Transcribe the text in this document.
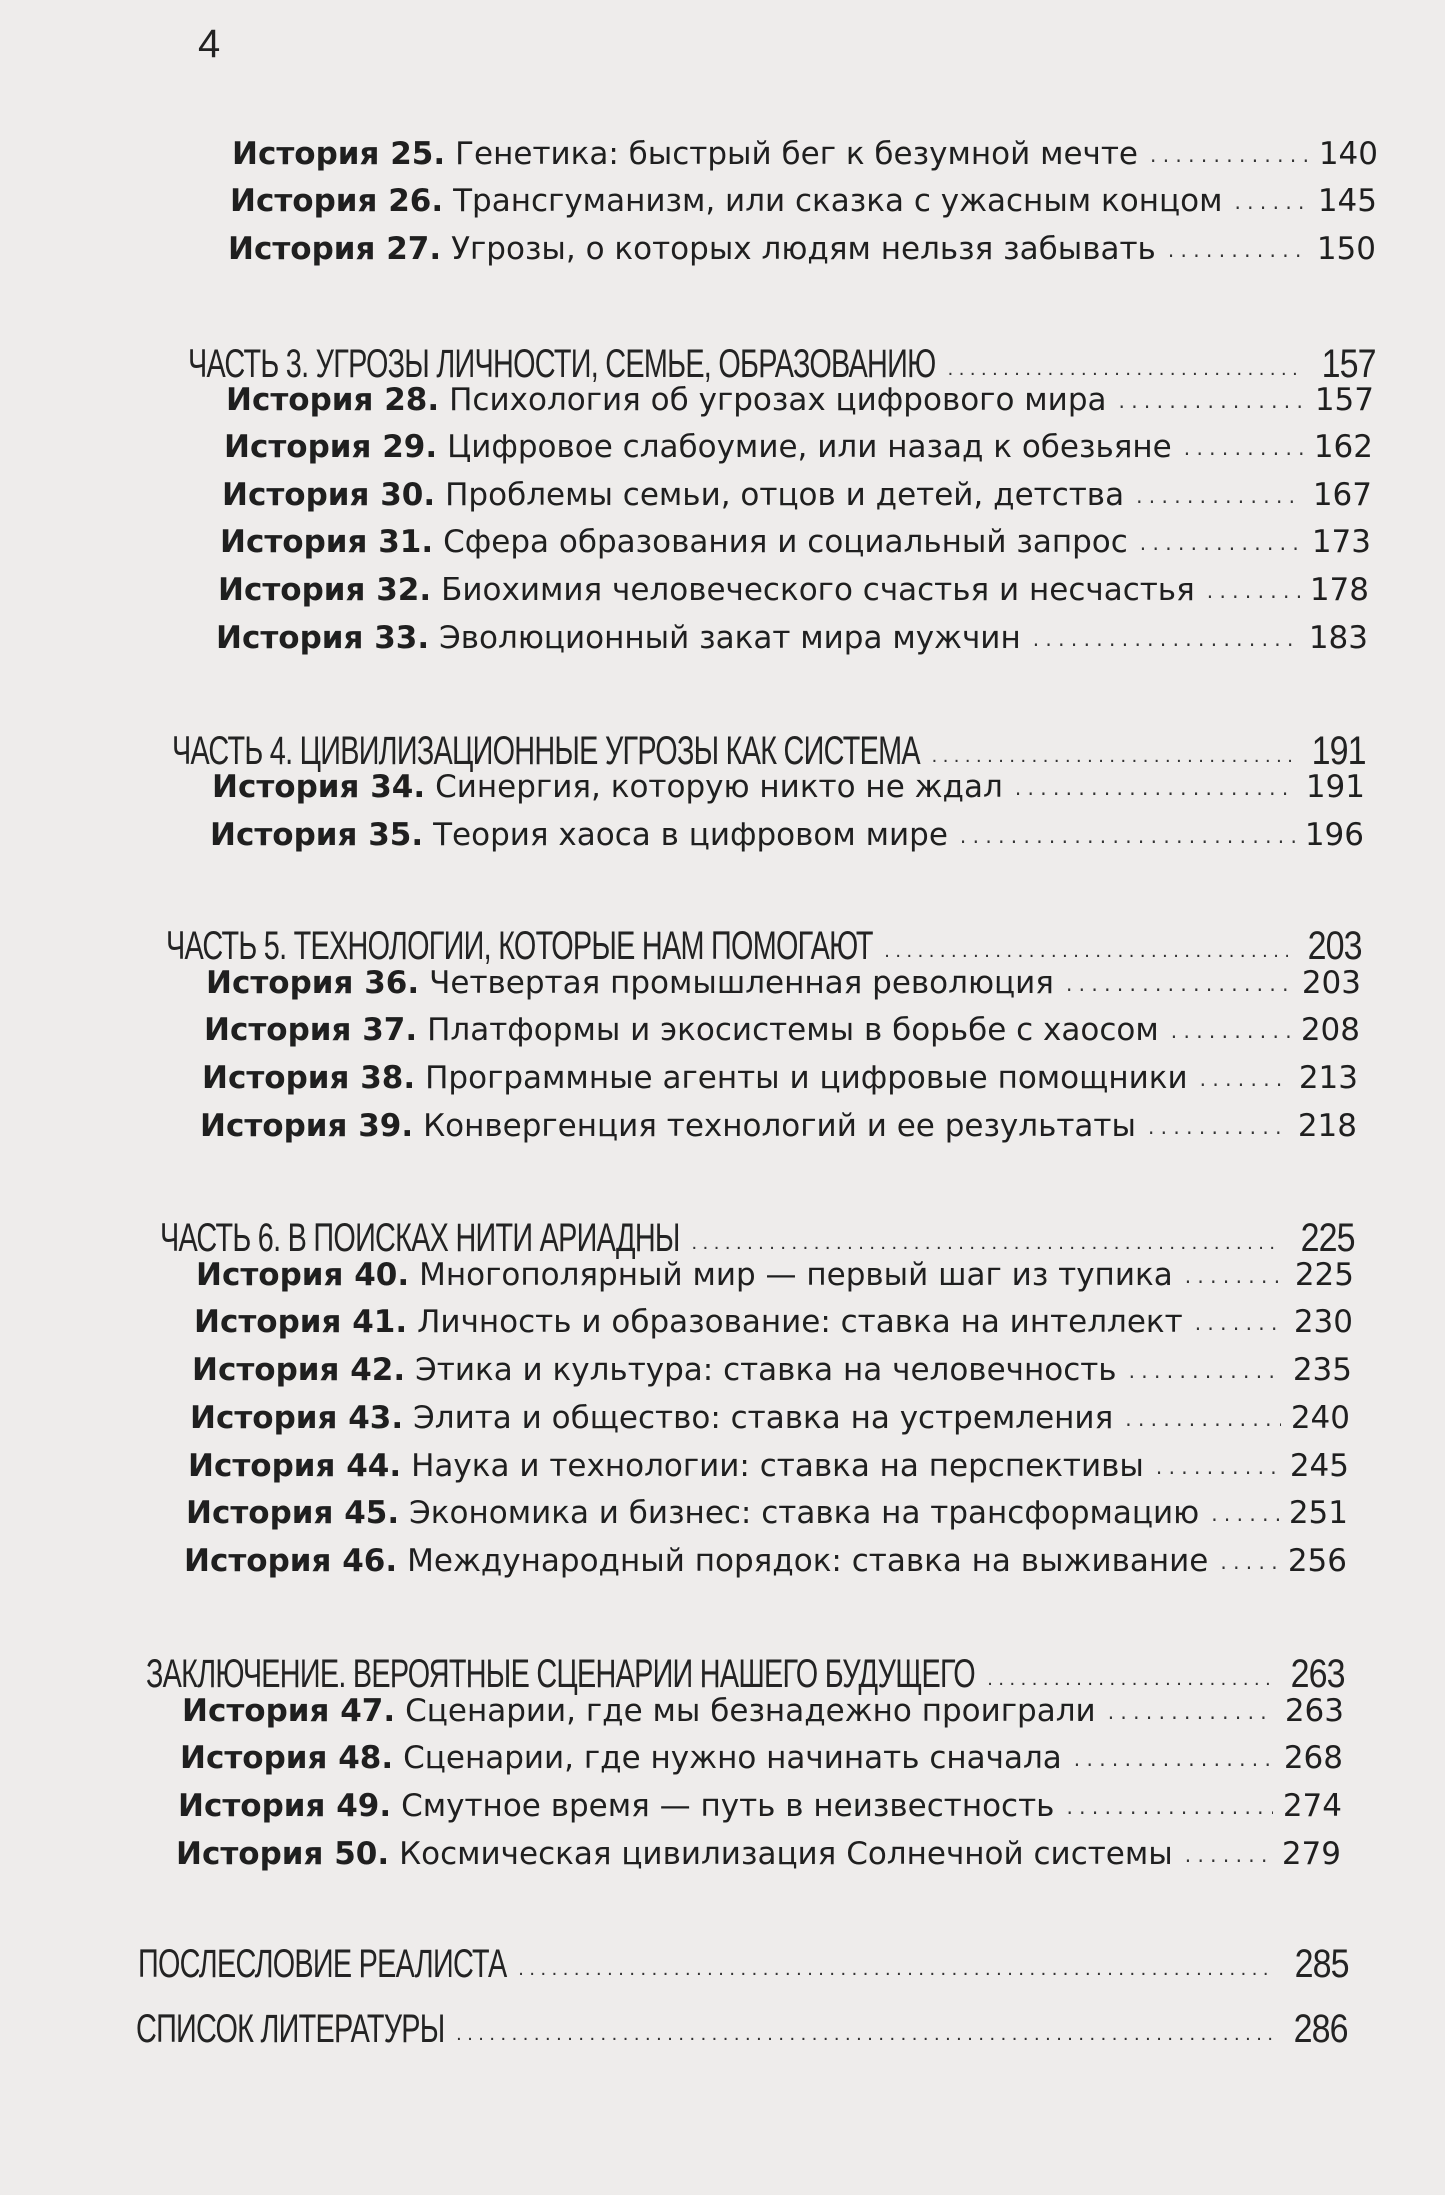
4
История 25. Генетика: быстрый бег к безумной мечте . . .	140
История 26. Трансгуманизм, или сказка с ужасным концом . . .	145
История 27. Угрозы, о которых людям нельзя забывать . . .	150
ЧАСТЬ 3. УГРОЗЫ ЛИЧНОСТИ, СЕМЬЕ, ОБРАЗОВАНИЮ . . .	157
История 28. Психология об угрозах цифрового мира . . .	157
История 29. Цифровое слабоумие, или назад к обезьяне . . .	162
История 30. Проблемы семьи, отцов и детей, детства . . .	167
История 31. Сфера образования и социальный запрос . . .	173
История 32. Биохимия человеческого счастья и несчастья . . .	178
История 33. Эволюционный закат мира мужчин . . .	183
ЧАСТЬ 4. ЦИВИЛИЗАЦИОННЫЕ УГРОЗЫ КАК СИСТЕМА . . .	191
История 34. Синергия, которую никто не ждал . . .	191
История 35. Теория хаоса в цифровом мире . . .	196
ЧАСТЬ 5. ТЕХНОЛОГИИ, КОТОРЫЕ НАМ ПОМОГАЮТ . . .	203
История 36. Четвертая промышленная революция . . .	203
История 37. Платформы и экосистемы в борьбе с хаосом . . .	208
История 38. Программные агенты и цифровые помощники . . .	213
История 39. Конвергенция технологий и ее результаты . . .	218
ЧАСТЬ 6. В ПОИСКАХ НИТИ АРИАДНЫ . . .	225
История 40. Многополярный мир — первый шаг из тупика . . .	225
История 41. Личность и образование: ставка на интеллект . . .	230
История 42. Этика и культура: ставка на человечность . . .	235
История 43. Элита и общество: ставка на устремления . . .	240
История 44. Наука и технологии: ставка на перспективы . . .	245
История 45. Экономика и бизнес: ставка на трансформацию . . .	251
История 46. Международный порядок: ставка на выживание . . .	256
ЗАКЛЮЧЕНИЕ. ВЕРОЯТНЫЕ СЦЕНАРИИ НАШЕГО БУДУЩЕГО . . .	263
История 47. Сценарии, где мы безнадежно проиграли . . .	263
История 48. Сценарии, где нужно начинать сначала . . .	268
История 49. Смутное время — путь в неизвестность . . .	274
История 50. Космическая цивилизация Солнечной системы . . .	279
ПОСЛЕСЛОВИЕ РЕАЛИСТА . . .	285
СПИСОК ЛИТЕРАТУРЫ . . .	286
